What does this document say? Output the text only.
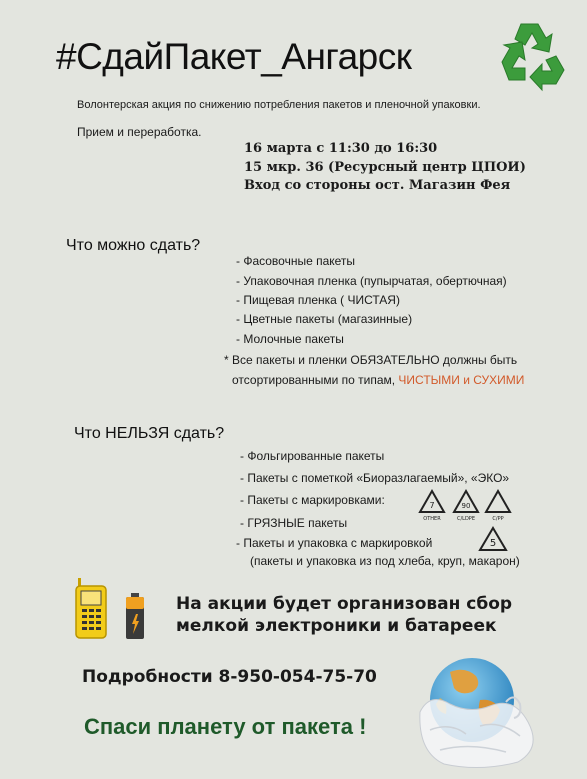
#СдайПакет_Ангарск
Волонтерская акция по снижению потребления пакетов и пленочной упаковки.
Прием и переработка.
16 марта с 11:30 до 16:30
15 мкр. 36 (Ресурсный центр ЦПОИ)
Вход со стороны ост. Магазин Фея
Что можно сдать?
- Фасовочные пакеты
- Упаковочная пленка (пупырчатая, обертючная)
- Пищевая пленка ( ЧИСТАЯ)
- Цветные пакеты (магазинные)
- Молочные пакеты
* Все пакеты и пленки ОБЯЗАТЕЛЬНО должны быть
отсортированными по типам, ЧИСТЫМИ и СУХИМИ
Что НЕЛЬЗЯ сдать?
- Фольгированные пакеты
- Пакеты с пометкой «Биоразлагаемый», «ЭКО»
- Пакеты с маркировками:
- ГРЯЗНЫЕ пакеты
- Пакеты и упаковка с маркировкой
(пакеты и упаковка из под хлеба, круп, макарон)
7	90
OTHER	C/LDPE	C/PP
5
На акции будет организован сбор
мелкой электроники и батареек
Подробности 8-950-054-75-70
Спаси планету от пакета !
